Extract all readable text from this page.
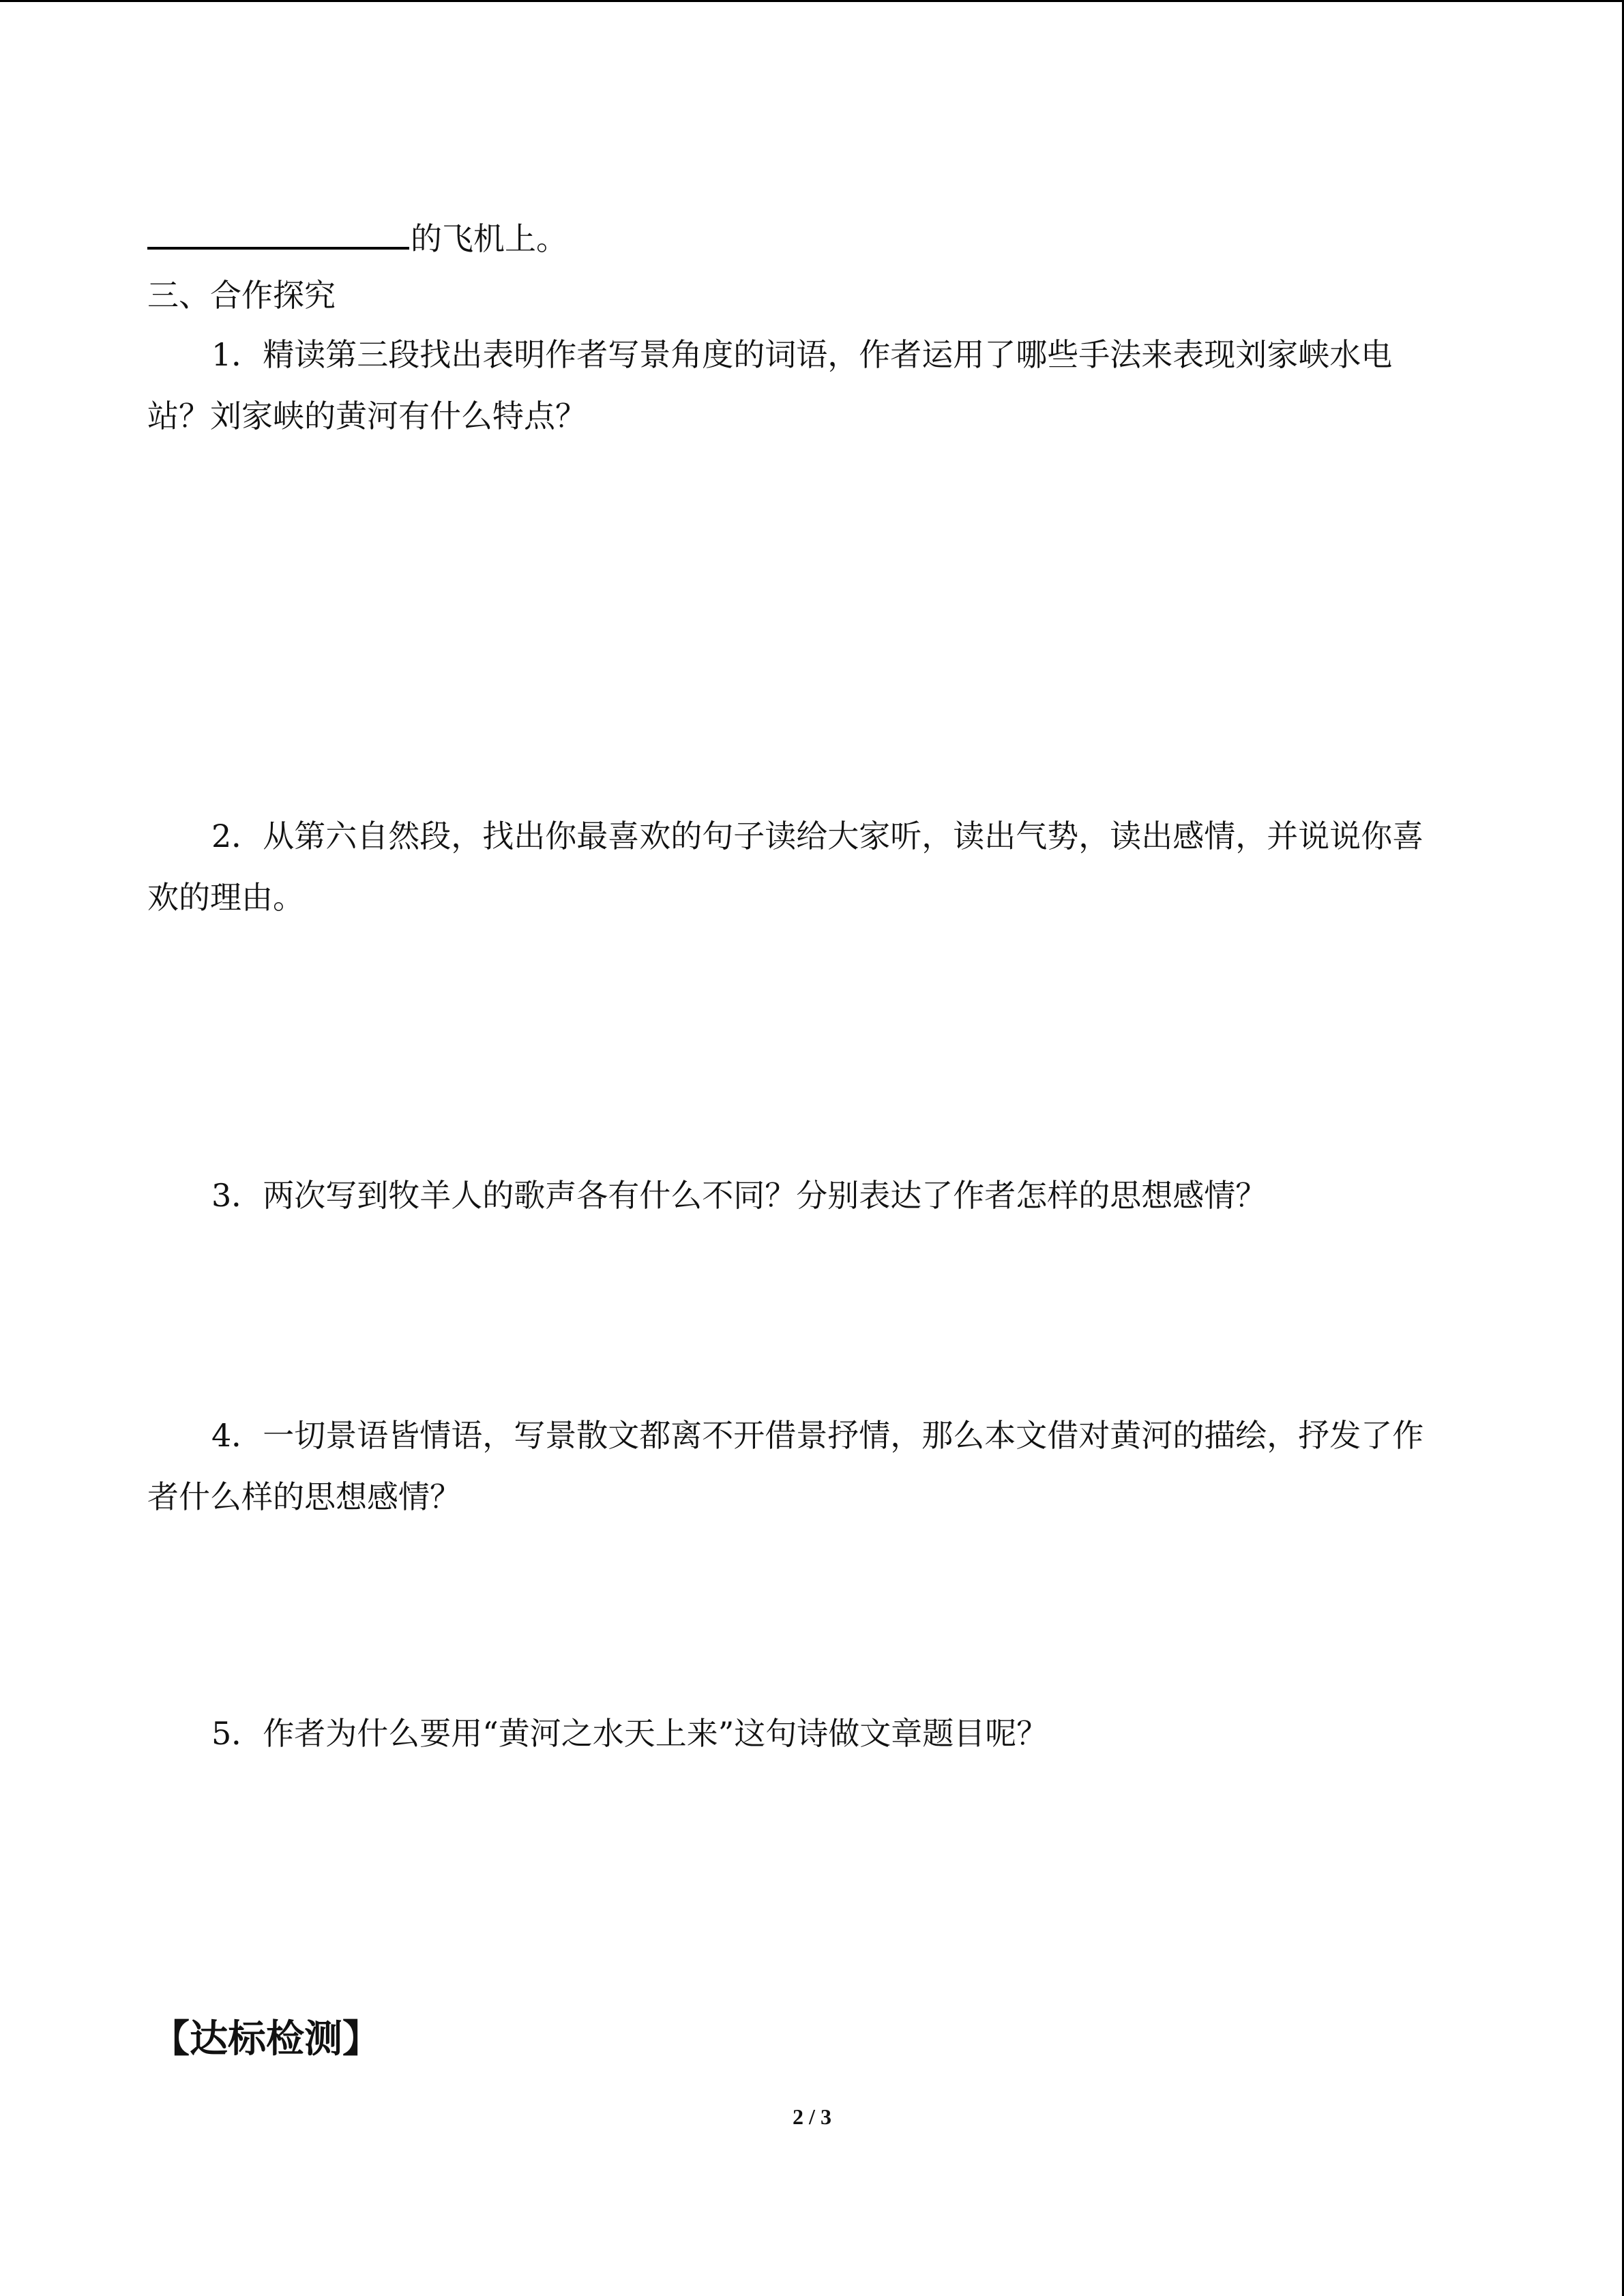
的飞机上。
三、合作探究
1．精读第三段找出表明作者写景角度的词语，作者运用了哪些手法来表现刘家峡水电
站？刘家峡的黄河有什么特点？
2．从第六自然段，找出你最喜欢的句子读给大家听，读出气势，读出感情，并说说你喜
欢的理由。
3．两次写到牧羊人的歌声各有什么不同？分别表达了作者怎样的思想感情？
4．一切景语皆情语，写景散文都离不开借景抒情，那么本文借对黄河的描绘，抒发了作
者什么样的思想感情？
5．作者为什么要用“黄河之水天上来”这句诗做文章题目呢？
【达标检测】
2 / 3
